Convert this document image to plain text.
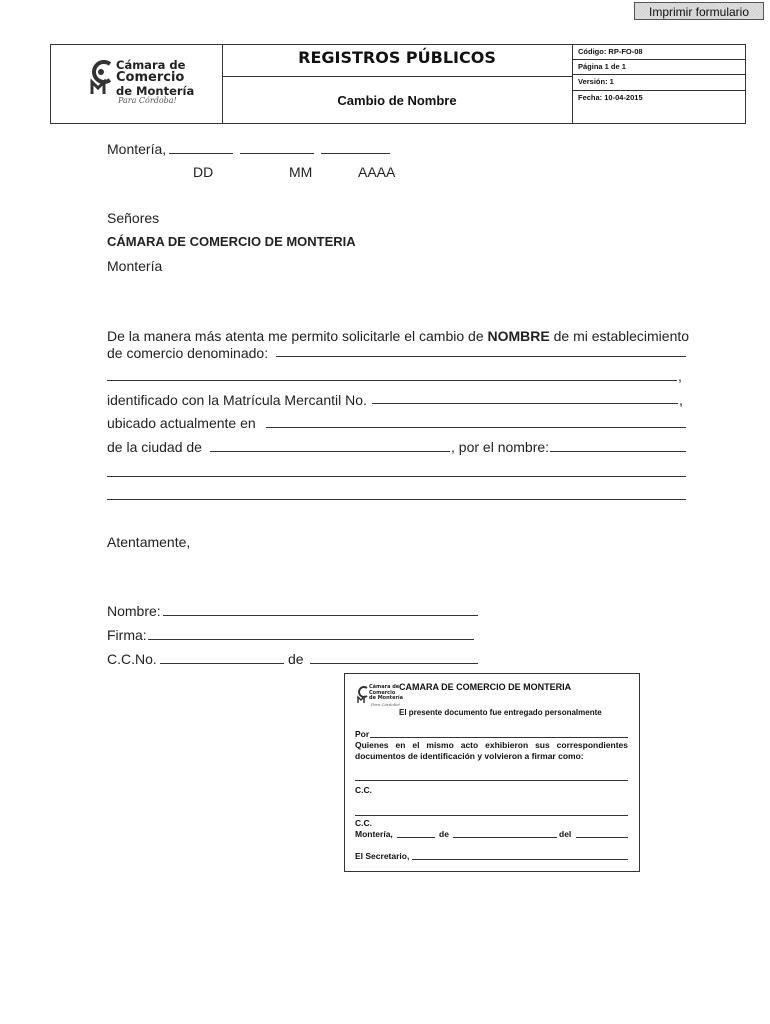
Imprimir formulario
Cámara de
Comercio
de Montería
Para Córdoba!
REGISTROS PÚBLICOS
Cambio de Nombre
Código: RP-FO-08
Página 1 de 1
Versión: 1
Fecha: 10-04-2015
Montería,
DD	MM	AAAA
Señores
CÁMARA DE COMERCIO DE MONTERIA
Montería
De la manera más atenta me permito solicitarle el cambio de NOMBRE de mi establecimiento
de comercio denominado:
,
identificado con la Matrícula Mercantil No.	,
ubicado actualmente en
de la ciudad de	, por el nombre:
Atentamente,
Nombre:
Firma:
C.C.No.	de
Cámara de
Comercio
de Montería
Para Córdoba!
CAMARA DE COMERCIO DE MONTERIA
El presente documento fue entregado personalmente
Por
Quienes en el mismo acto exhibieron sus correspondientes
documentos de identificación y volvieron a firmar como:
C.C.
C.C.
Montería,	de	del
El Secretario,
